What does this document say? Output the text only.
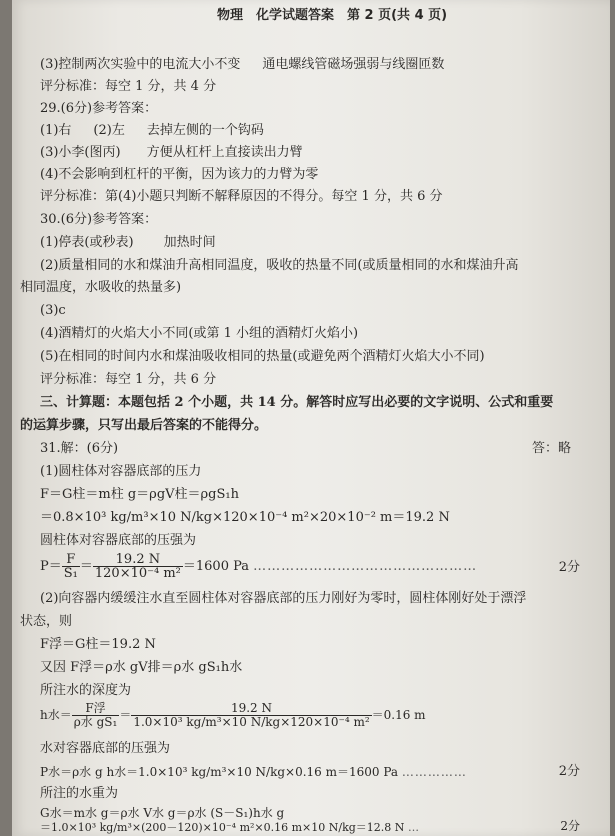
(3)控制两次实验中的电流大小不变 通电螺线管磁场强弱与线圈匝数
评分标准：每空 1 分，共 4 分
29.(6分)参考答案：
(1)右 (2)左 去掉左侧的一个钩码
(3)小李(图丙) 方便从杠杆上直接读出力臂
(4)不会影响到杠杆的平衡，因为该力的力臂为零
评分标准：第(4)小题只判断不解释原因的不得分。每空 1 分，共 6 分
30.(6分)参考答案：
(1)停表(或秒表) 加热时间
(2)质量相同的水和煤油升高相同温度，吸收的热量不同(或质量相同的水和煤油升高
相同温度，水吸收的热量多)
(3)c
(4)酒精灯的火焰大小不同(或第 1 小组的酒精灯火焰小)
(5)在相同的时间内水和煤油吸收相同的热量(或避免两个酒精灯火焰大小不同)
评分标准：每空 1 分，共 6 分
三、计算题：本题包括 2 个小题，共 14 分。解答时应写出必要的文字说明、公式和重要
的运算步骤，只写出最后答案的不能得分。
31.解：(6分)
(1)圆柱体对容器底部的压力
F＝G柱＝m柱 g＝ρgV柱＝ρgS₁h
＝0.8×10³ kg/m³×10 N/kg×120×10⁻⁴ m²×20×10⁻² m＝19.2 N
圆柱体对容器底部的压强为
$P= \frac{F}{\text{S₁}} = \frac{19.2 N}{\text{120×10⁻⁴ m²}} =1600$ Pa …………………………………………	2分
(2)向容器内缓缓注水直至圆柱体对容器底部的压力刚好为零时，圆柱体刚好处于漂浮
状态，则
F浮＝G柱＝19.2 N
又因 F浮＝ρ水 gV排＝ρ水 gS₁h水
所注水的深度为
h水＝ $\frac{\text{F浮}}{\text{ρ水 gS₁}} = \frac{19.2 N}{\text{1.0×10³ kg/m³×10 N/kg×120×10⁻⁴ m²}} =0.16$ m
水对容器底部的压强为
P水＝ρ水 g h水＝1.0×10³ kg/m³×10 N/kg×0.16 m＝1600 Pa ……………	2分
所注的水重为
G水＝m水 g＝ρ水 V水 g＝ρ水 (S－S₁)h水 g
＝1.0×10³ kg/m³×(200－120)×10⁻⁴ m²×0.16 m×10 N/kg＝12.8 N …	2分
答：略
物理　化学试题答案　第 2 页(共 4 页)
